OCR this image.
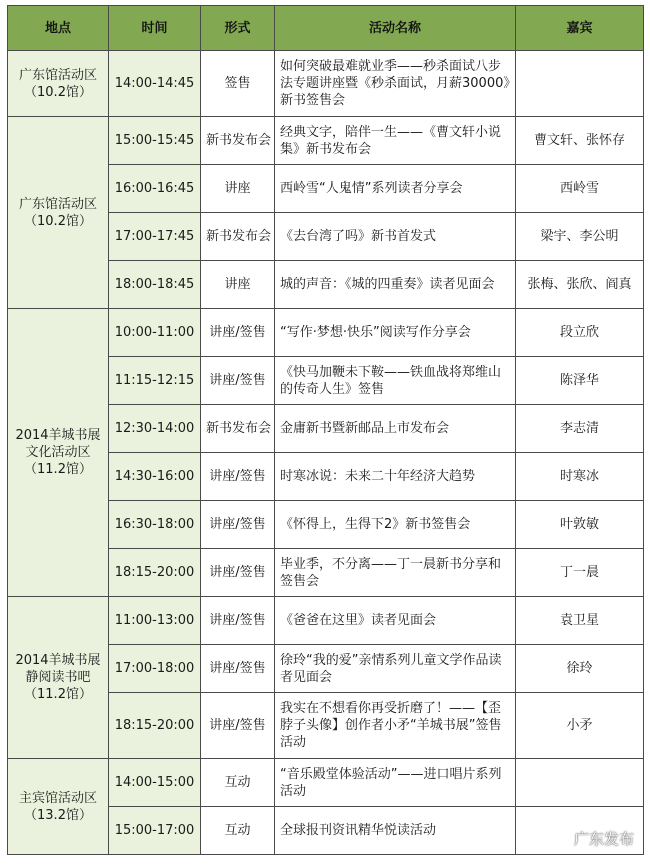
地点	时间	形式	活动名称	嘉宾
广东馆活动区（10.2馆）	14:00-14:45	签售	如何突破最难就业季——秒杀面试八步法专题讲座暨《秒杀面试，月薪30000》新书签售会	
广东馆活动区（10.2馆）	15:00-15:45	新书发布会	经典文字，陪伴一生——《曹文轩小说集》新书发布会	曹文轩、张怀存
	16:00-16:45	讲座	西岭雪“人鬼情”系列读者分享会	西岭雪
	17:00-17:45	新书发布会	《去台湾了吗》新书首发式	梁宇、李公明
	18:00-18:45	讲座	城的声音：《城的四重奏》读者见面会	张梅、张欣、阎真
2014羊城书展文化活动区（11.2馆）	10:00-11:00	讲座/签售	“写作·梦想·快乐”阅读写作分享会	段立欣
	11:15-12:15	讲座/签售	《快马加鞭未下鞍——铁血战将郑维山的传奇人生》签售	陈泽华
	12:30-14:00	新书发布会	金庸新书暨新邮品上市发布会	李志清
	14:30-16:00	讲座/签售	时寒冰说：未来二十年经济大趋势	时寒冰
	16:30-18:00	讲座/签售	《怀得上，生得下2》新书签售会	叶敦敏
	18:15-20:00	讲座/签售	毕业季，不分离——丁一晨新书分享和签售会	丁一晨
2014羊城书展静阅读书吧（11.2馆）	11:00-13:00	讲座/签售	《爸爸在这里》读者见面会	袁卫星
	17:00-18:00	讲座/签售	徐玲“我的爱”亲情系列儿童文学作品读者见面会	徐玲
	18:15-20:00	讲座/签售	我实在不想看你再受折磨了！——【歪脖子头像】创作者小矛“羊城书展”签售活动	小矛
主宾馆活动区（13.2馆）	14:00-15:00	互动	“音乐殿堂体验活动”——进口唱片系列活动	
	15:00-17:00	互动	全球报刊资讯精华悦读活动		广东发布
